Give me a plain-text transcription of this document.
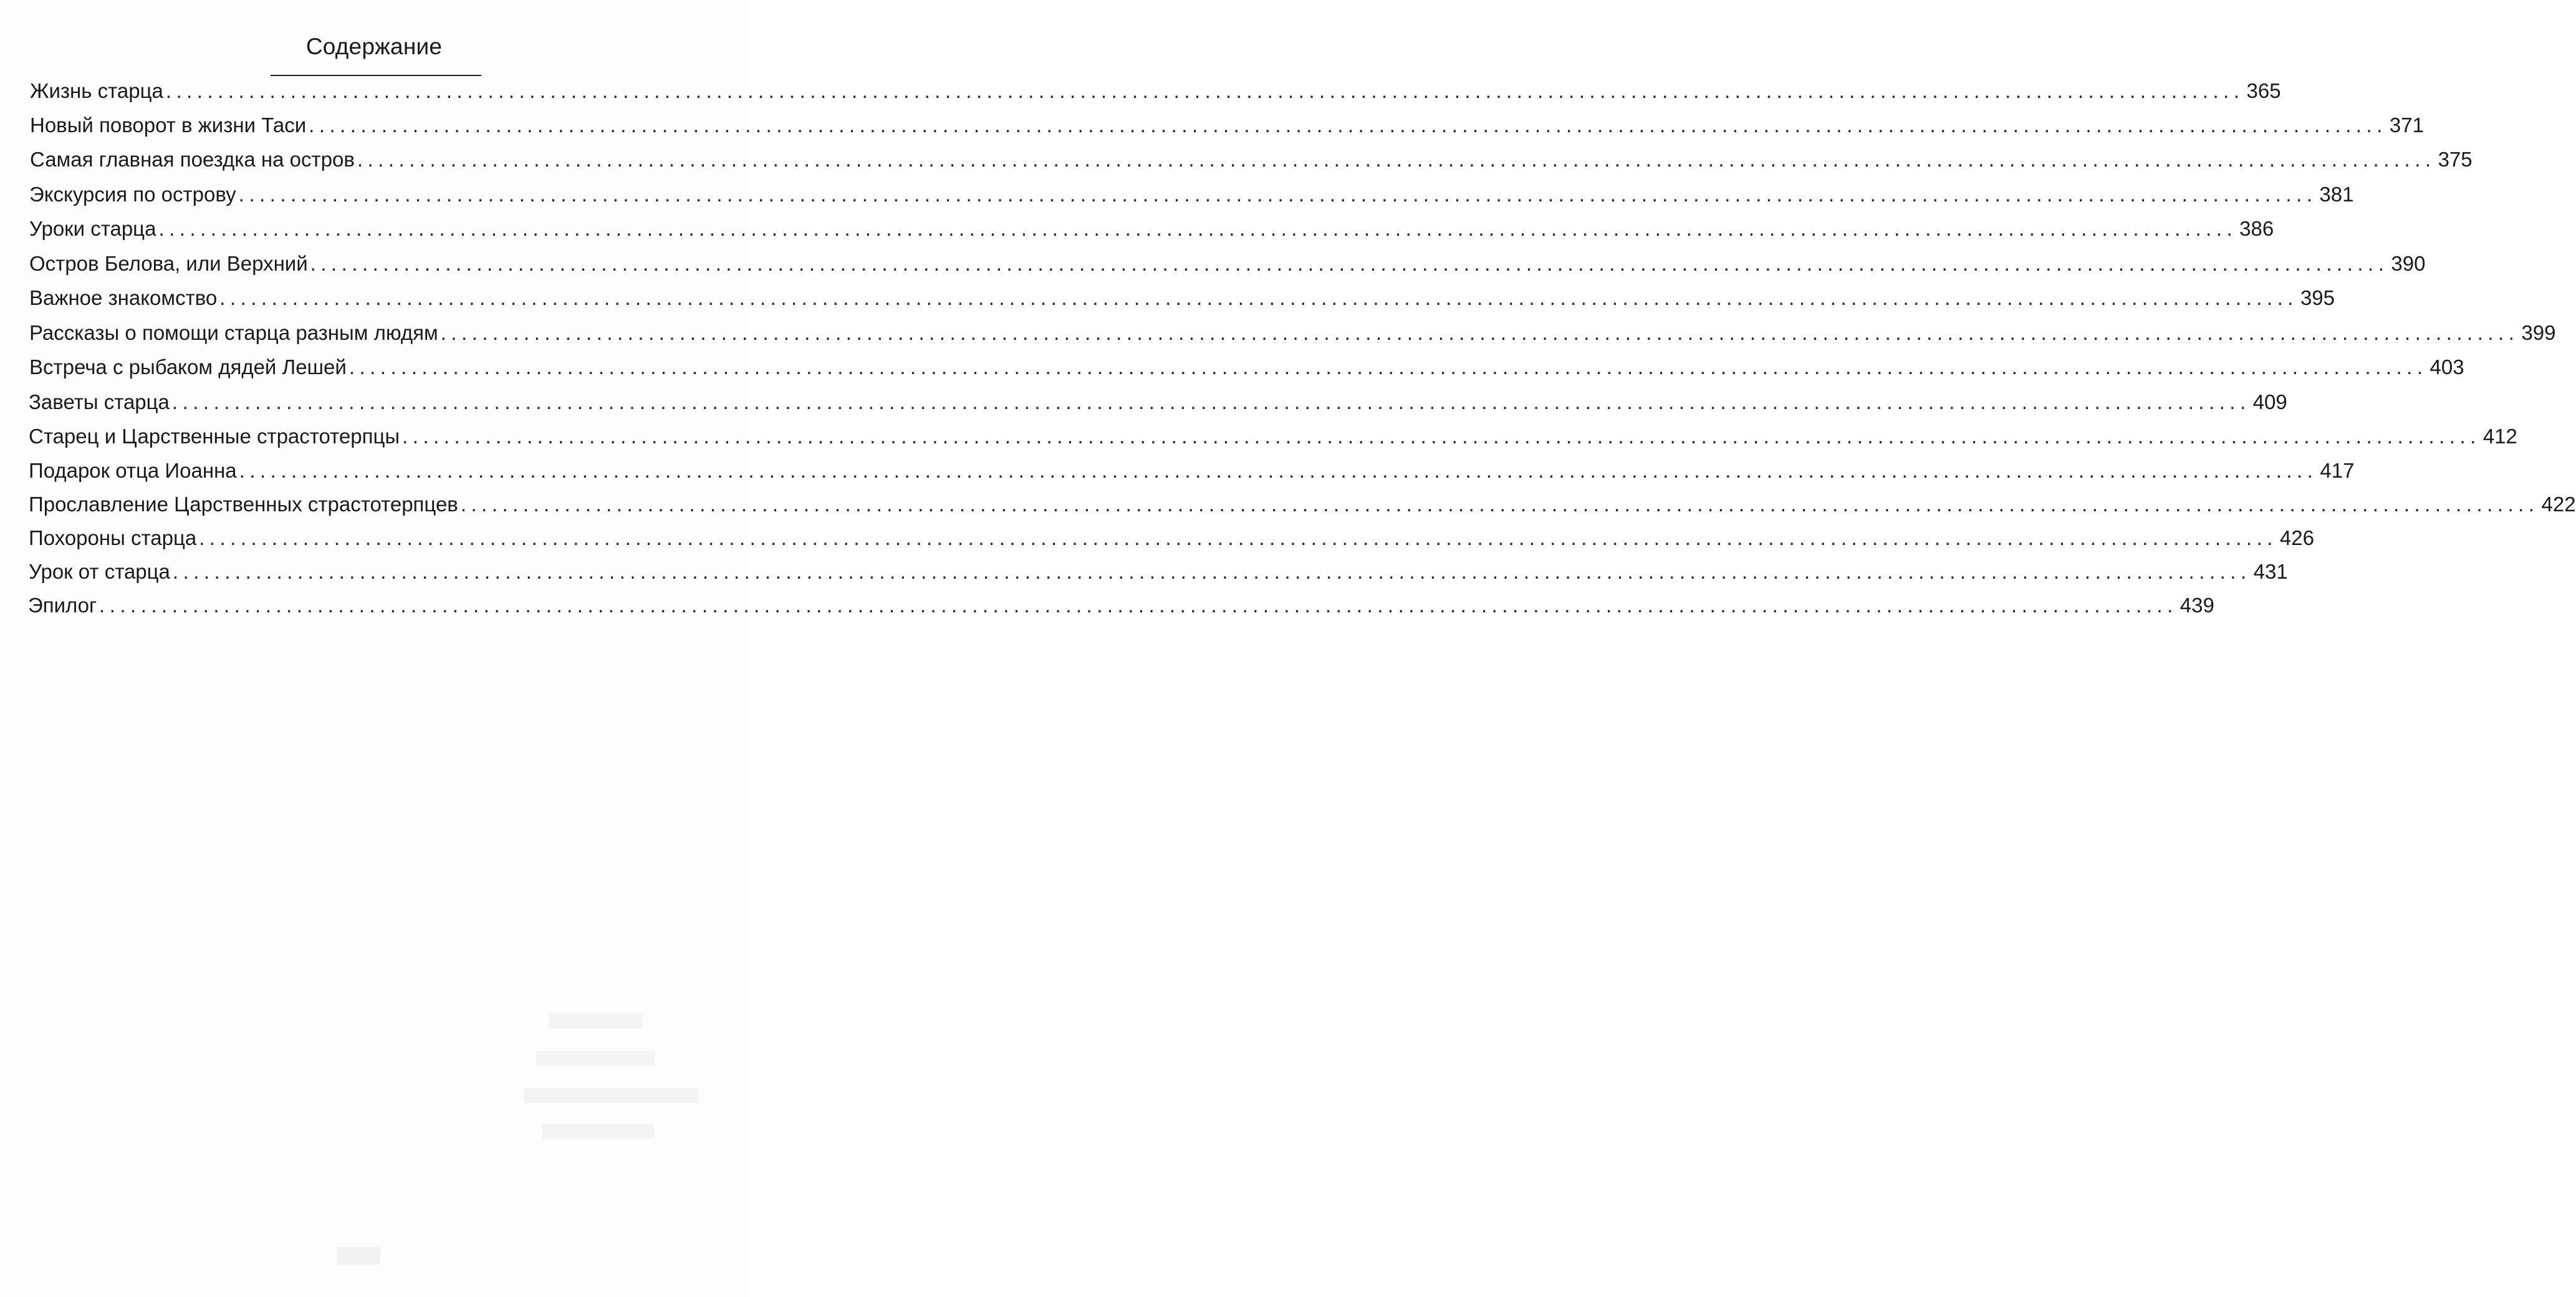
Содержание
Жизнь старца ........................................................................................................................................................................................................ 365
Новый поворот в жизни Таси ........................................................................................................................................................................................................ 371
Самая главная поездка на остров ........................................................................................................................................................................................................ 375
Экскурсия по острову ........................................................................................................................................................................................................ 381
Уроки старца ........................................................................................................................................................................................................ 386
Остров Белова, или Верхний ........................................................................................................................................................................................................ 390
Важное знакомство ........................................................................................................................................................................................................ 395
Рассказы о помощи старца разным людям ........................................................................................................................................................................................................ 399
Встреча с рыбаком дядей Лешей ........................................................................................................................................................................................................ 403
Заветы старца ........................................................................................................................................................................................................ 409
Старец и Царственные страстотерпцы ........................................................................................................................................................................................................ 412
Подарок отца Иоанна ........................................................................................................................................................................................................ 417
Прославление Царственных страстотерпцев ........................................................................................................................................................................................................ 422
Похороны старца ........................................................................................................................................................................................................ 426
Урок от старца ........................................................................................................................................................................................................ 431
Эпилог ........................................................................................................................................................................................................ 439
